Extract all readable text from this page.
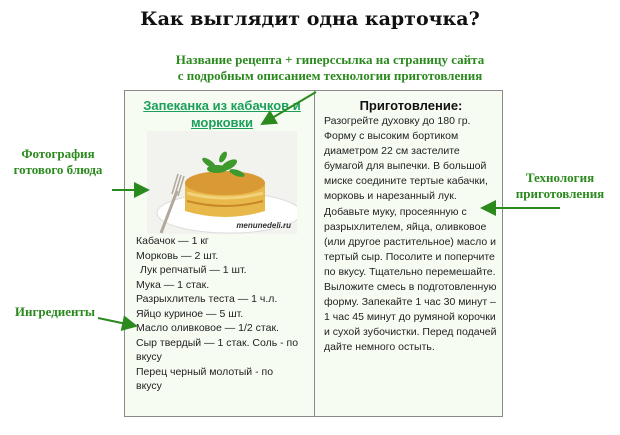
Как выглядит одна карточка?
Название рецепта + гиперссылка на страницу сайта
с подробным описанием технологии приготовления
Фотография
готового блюда
Технология
приготовления
Ингредиенты
Запеканка из кабачков и морковки
menunedeli.ru
Кабачок — 1 кг
Морковь — 2 шт.
Лук репчатый — 1 шт.
Мука — 1 стак.
Разрыхлитель теста — 1 ч.л.
Яйцо куриное — 5 шт.
Масло оливковое — 1/2 стак.
Сыр твердый — 1 стак. Соль - по
вкусу
Перец черный молотый - по
вкусу
Приготовление:
Разогрейте духовку до 180 гр. Форму с высоким бортиком диаметром 22 см застелите бумагой для выпечки. В большой миске соедините тертые кабачки, морковь и нарезанный лук. Добавьте муку, просеянную с разрыхлителем, яйца, оливковое (или другое растительное) масло и тертый сыр. Посолите и поперчите по вкусу. Тщательно перемешайте. Выложите смесь в подготовленную форму. Запекайте 1 час 30 минут – 1 час 45 минут до румяной корочки и сухой зубочистки. Перед подачей дайте немного остыть.
